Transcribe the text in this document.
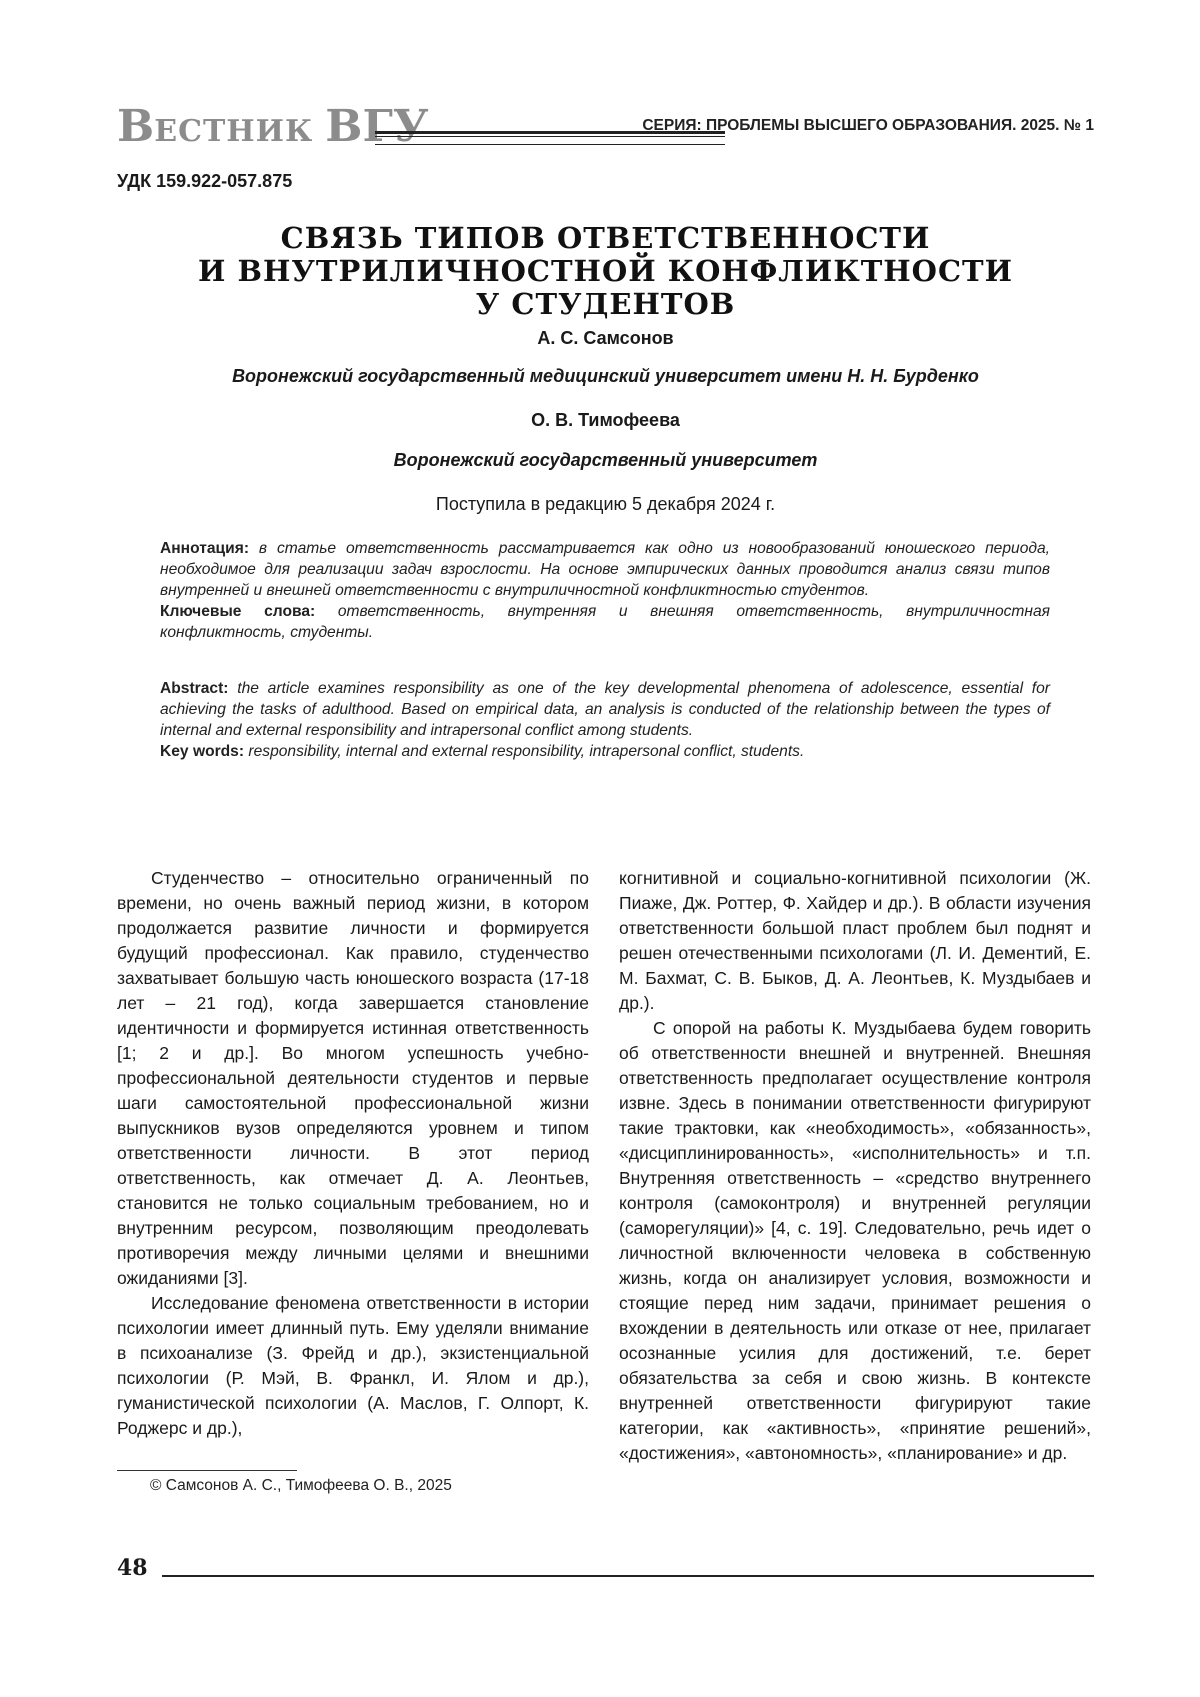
ВЕСТНИК ВГУ	СЕРИЯ: ПРОБЛЕМЫ ВЫСШЕГО ОБРАЗОВАНИЯ. 2025. № 1
УДК 159.922-057.875
СВЯЗЬ ТИПОВ ОТВЕТСТВЕННОСТИ
И ВНУТРИЛИЧНОСТНОЙ КОНФЛИКТНОСТИ
У СТУДЕНТОВ
А. С. Самсонов
Воронежский государственный медицинский университет имени Н. Н. Бурденко
О. В. Тимофеева
Воронежский государственный университет
Поступила в редакцию 5 декабря 2024 г.
Аннотация: в статье ответственность рассматривается как одно из новообразований юношеского периода, необходимое для реализации задач взрослости. На основе эмпирических данных проводится анализ связи типов внутренней и внешней ответственности с внутриличностной конфликтностью студентов.
Ключевые слова: ответственность, внутренняя и внешняя ответственность, внутриличностная конфликтность, студенты.
Abstract: the article examines responsibility as one of the key developmental phenomena of adolescence, essential for achieving the tasks of adulthood. Based on empirical data, an analysis is conducted of the relationship between the types of internal and external responsibility and intrapersonal conflict among students.
Key words: responsibility, internal and external responsibility, intrapersonal conflict, students.

Студенчество – относительно ограниченный по времени, но очень важный период жизни, в котором продолжается развитие личности и формируется будущий профессионал. Как правило, студенчество захватывает большую часть юношеского возраста (17-18 лет – 21 год), когда завершается становление идентичности и формируется истинная ответственность [1; 2 и др.]. Во многом успешность учебно-профессиональной деятельности студентов и первые шаги самостоятельной профессиональной жизни выпускников вузов определяются уровнем и типом ответственности личности. В этот период ответственность, как отмечает Д. А. Леонтьев, становится не только социальным требованием, но и внутренним ресурсом, позволяющим преодолевать противоречия между личными целями и внешними ожиданиями [3].

Исследование феномена ответственности в истории психологии имеет длинный путь. Ему уделяли внимание в психоанализе (З. Фрейд и др.), экзистенциальной психологии (Р. Мэй, В. Франкл, И. Ялом и др.), гуманистической психологии (А. Маслов, Г. Олпорт, К. Роджерс и др.),

когнитивной и социально-когнитивной психологии (Ж. Пиаже, Дж. Роттер, Ф. Хайдер и др.). В области изучения ответственности большой пласт проблем был поднят и решен отечественными психологами (Л. И. Дементий, Е. М. Бахмат, С. В. Быков, Д. А. Леонтьев, К. Муздыбаев и др.).

С опорой на работы К. Муздыбаева будем говорить об ответственности внешней и внутренней. Внешняя ответственность предполагает осуществление контроля извне. Здесь в понимании ответственности фигурируют такие трактовки, как «необходимость», «обязанность», «дисциплинированность», «исполнительность» и т.п. Внутренняя ответственность – «средство внутреннего контроля (самоконтроля) и внутренней регуляции (саморегуляции)» [4, с. 19]. Следовательно, речь идет о личностной включенности человека в собственную жизнь, когда он анализирует условия, возможности и стоящие перед ним задачи, принимает решения о вхождении в деятельность или отказе от нее, прилагает осознанные усилия для достижений, т.е. берет обязательства за себя и свою жизнь. В контексте внутренней ответственности фигурируют такие категории, как «активность», «принятие решений», «достижения», «автономность», «планирование» и др.

© Самсонов А. С., Тимофеева О. В., 2025
48
